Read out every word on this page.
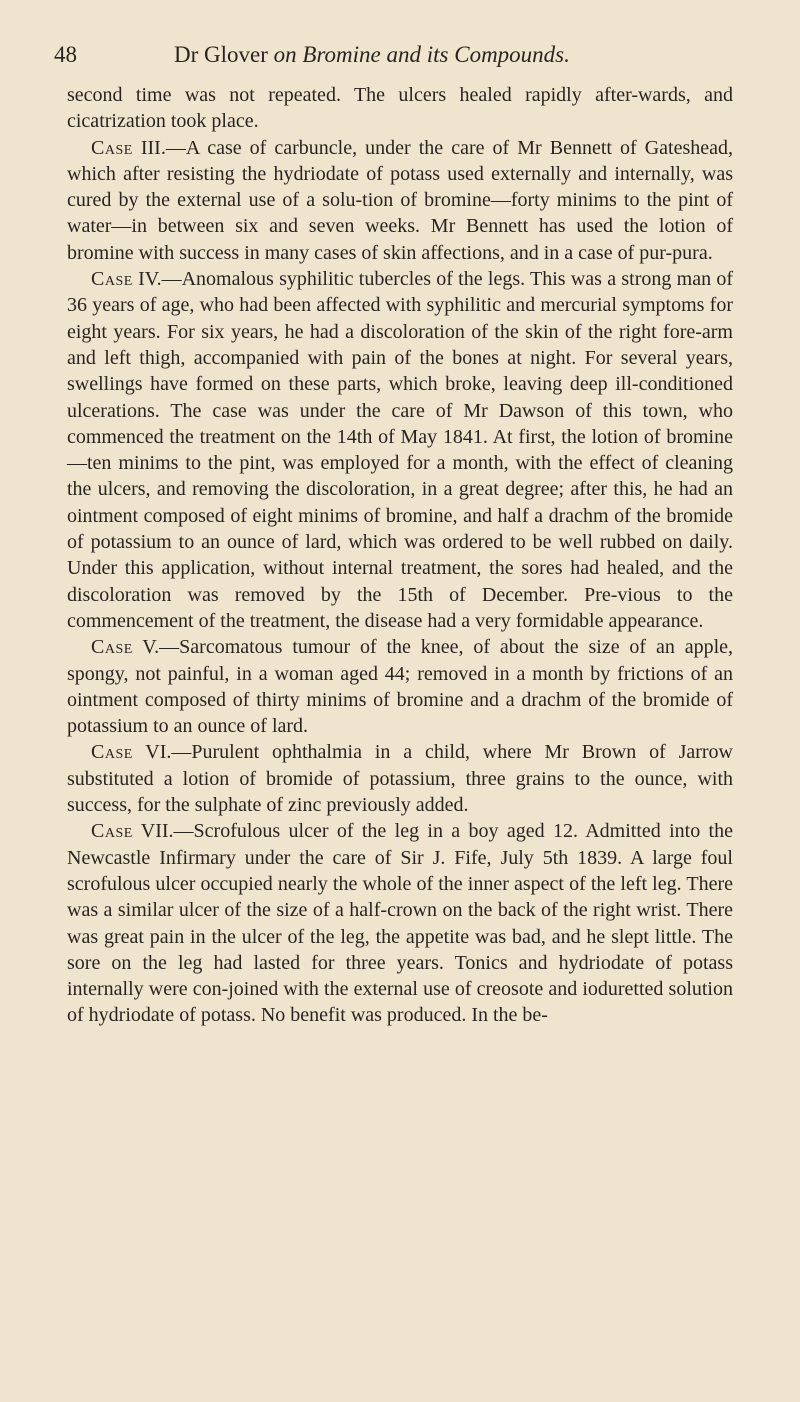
48	Dr Glover on Bromine and its Compounds.

second time was not repeated. The ulcers healed rapidly after-wards, and cicatrization took place.

Case III.—A case of carbuncle, under the care of Mr Bennett of Gateshead, which after resisting the hydriodate of potass used externally and internally, was cured by the external use of a solu-tion of bromine—forty minims to the pint of water—in between six and seven weeks. Mr Bennett has used the lotion of bromine with success in many cases of skin affections, and in a case of pur-pura.

Case IV.—Anomalous syphilitic tubercles of the legs. This was a strong man of 36 years of age, who had been affected with syphilitic and mercurial symptoms for eight years. For six years, he had a discoloration of the skin of the right fore-arm and left thigh, accompanied with pain of the bones at night. For several years, swellings have formed on these parts, which broke, leaving deep ill-conditioned ulcerations. The case was under the care of Mr Dawson of this town, who commenced the treatment on the 14th of May 1841. At first, the lotion of bromine—ten minims to the pint, was employed for a month, with the effect of cleaning the ulcers, and removing the discoloration, in a great degree; after this, he had an ointment composed of eight minims of bromine, and half a drachm of the bromide of potassium to an ounce of lard, which was ordered to be well rubbed on daily. Under this application, without internal treatment, the sores had healed, and the discoloration was removed by the 15th of December. Pre-vious to the commencement of the treatment, the disease had a very formidable appearance.

Case V.—Sarcomatous tumour of the knee, of about the size of an apple, spongy, not painful, in a woman aged 44; removed in a month by frictions of an ointment composed of thirty minims of bromine and a drachm of the bromide of potassium to an ounce of lard.

Case VI.—Purulent ophthalmia in a child, where Mr Brown of Jarrow substituted a lotion of bromide of potassium, three grains to the ounce, with success, for the sulphate of zinc previously added.

Case VII.—Scrofulous ulcer of the leg in a boy aged 12. Admitted into the Newcastle Infirmary under the care of Sir J. Fife, July 5th 1839. A large foul scrofulous ulcer occupied nearly the whole of the inner aspect of the left leg. There was a similar ulcer of the size of a half-crown on the back of the right wrist. There was great pain in the ulcer of the leg, the appetite was bad, and he slept little. The sore on the leg had lasted for three years. Tonics and hydriodate of potass internally were con-joined with the external use of creosote and ioduretted solution of hydriodate of potass. No benefit was produced. In the be-
